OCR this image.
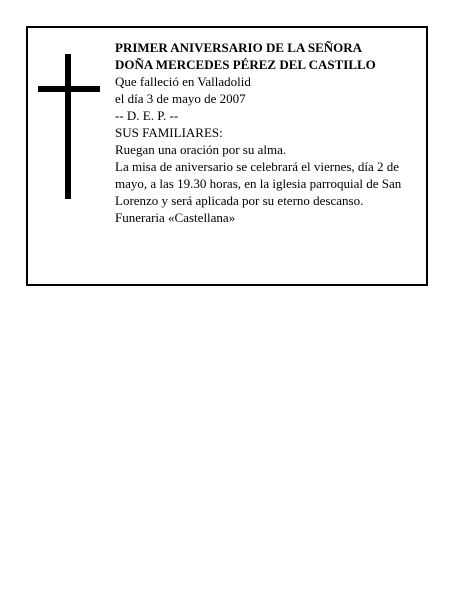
PRIMER ANIVERSARIO DE LA SEÑORA
DOÑA MERCEDES PÉREZ DEL CASTILLO
Que falleció en Valladolid
el día 3 de mayo de 2007
-- D. E. P. --
SUS FAMILIARES:
Ruegan una oración por su alma.
La misa de aniversario se celebrará el viernes, día 2 de mayo, a las 19.30 horas, en la iglesia parroquial de San Lorenzo y será aplicada por su eterno descanso.
Funeraria «Castellana»
